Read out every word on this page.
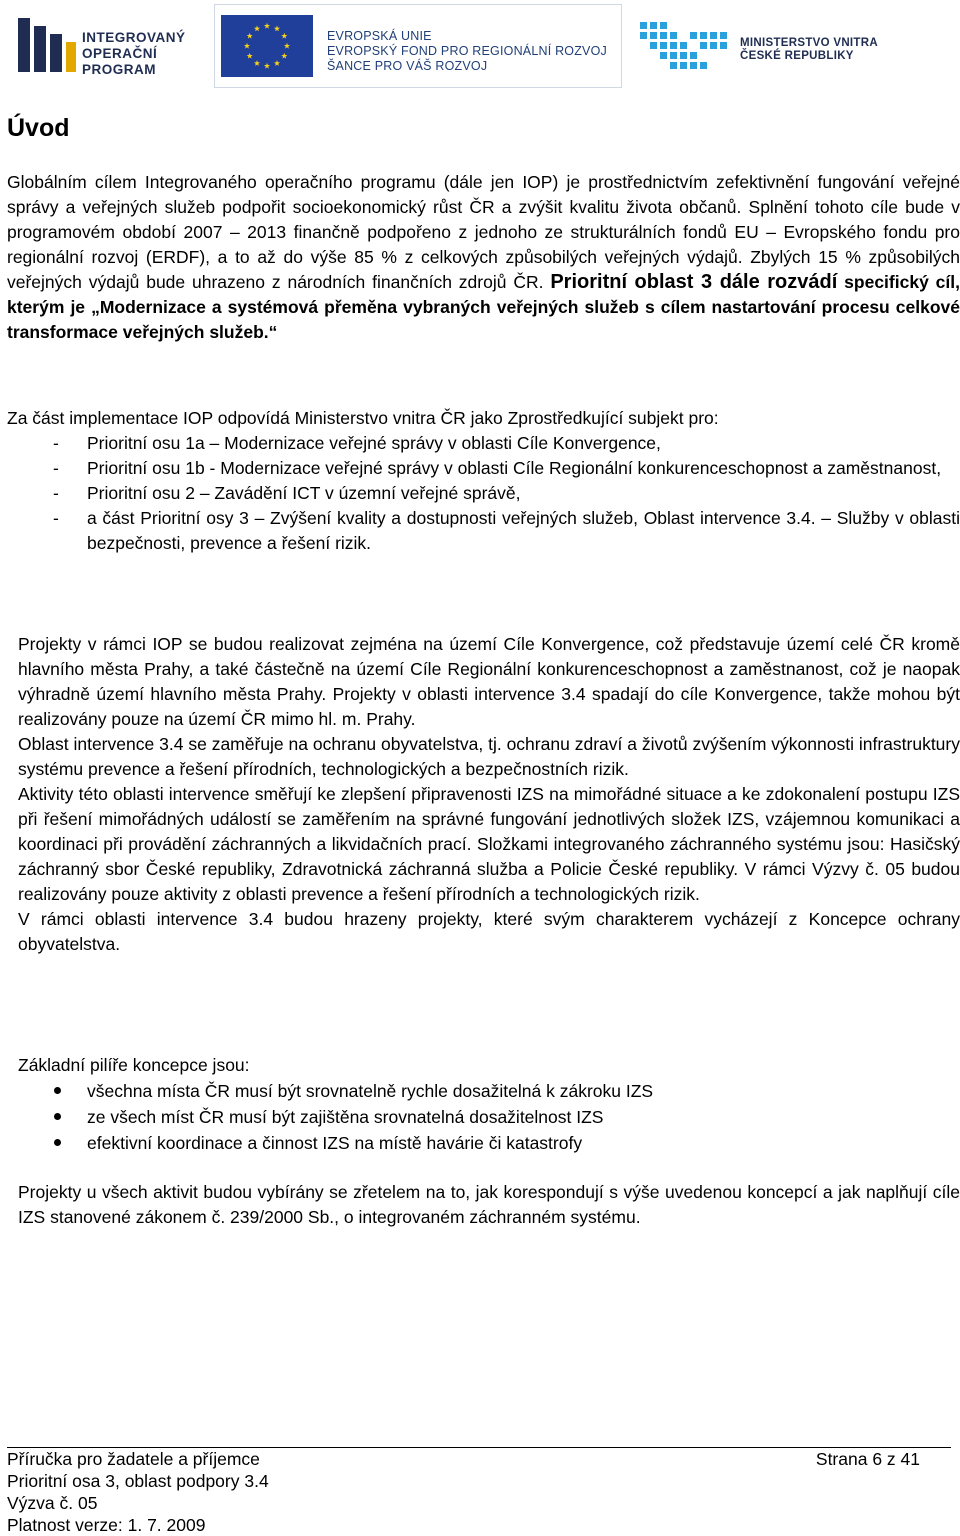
INTEGROVANÝ
OPERAČNÍ
PROGRAM
EVROPSKÁ UNIE
EVROPSKÝ FOND PRO REGIONÁLNÍ ROZVOJ
ŠANCE PRO VÁŠ ROZVOJ
MINISTERSTVO VNITRA
ČESKÉ REPUBLIKY
Úvod

Globálním cílem Integrovaného operačního programu (dále jen IOP) je prostřednictvím zefektivnění fungování veřejné správy a veřejných služeb podpořit socioekonomický růst ČR a zvýšit kvalitu života občanů. Splnění tohoto cíle bude v programovém období 2007 – 2013 finančně podpořeno z jednoho ze strukturálních fondů EU – Evropského fondu pro regionální rozvoj (ERDF), a to až do výše 85 % z celkových způsobilých veřejných výdajů. Zbylých 15 % způsobilých veřejných výdajů bude uhrazeno z národních finančních zdrojů ČR. Prioritní oblast 3 dále rozvádí specifický cíl, kterým je „Modernizace a systémová přeměna vybraných veřejných služeb s cílem nastartování procesu celkové transformace veřejných služeb.“

Za část implementace IOP odpovídá Ministerstvo vnitra ČR jako Zprostředkující subjekt pro:

- Prioritní osu 1a – Modernizace veřejné správy v oblasti Cíle Konvergence,
- Prioritní osu 1b - Modernizace veřejné správy v oblasti Cíle Regionální konkurenceschopnost a zaměstnanost,
- Prioritní osu 2 – Zavádění ICT v územní veřejné správě,
- a část Prioritní osy 3 – Zvýšení kvality a dostupnosti veřejných služeb, Oblast intervence 3.4. – Služby v oblasti bezpečnosti, prevence a řešení rizik.
Projekty v rámci IOP se budou realizovat zejména na území Cíle Konvergence, což představuje území celé ČR kromě hlavního města Prahy, a také částečně na území Cíle Regionální konkurenceschopnost a zaměstnanost, což je naopak výhradně území hlavního města Prahy. Projekty v oblasti intervence 3.4 spadají do cíle Konvergence, takže mohou být realizovány pouze na území ČR mimo hl. m. Prahy.
Oblast intervence 3.4 se zaměřuje na ochranu obyvatelstva, tj. ochranu zdraví a životů zvýšením výkonnosti infrastruktury systému prevence a řešení přírodních, technologických a bezpečnostních rizik.
Aktivity této oblasti intervence směřují ke zlepšení připravenosti IZS na mimořádné situace a ke zdokonalení postupu IZS při řešení mimořádných událostí se zaměřením na správné fungování jednotlivých složek IZS, vzájemnou komunikaci a koordinaci při provádění záchranných a likvidačních prací. Složkami integrovaného záchranného systému jsou: Hasičský záchranný sbor České republiky, Zdravotnická záchranná služba a Policie České republiky. V rámci Výzvy č. 05 budou realizovány pouze aktivity z oblasti prevence a řešení přírodních a technologických rizik.
V rámci oblasti intervence 3.4 budou hrazeny projekty, které svým charakterem vycházejí z Koncepce ochrany obyvatelstva.

Základní pilíře koncepce jsou:

všechna místa ČR musí být srovnatelně rychle dosažitelná k zákroku IZS
ze všech míst ČR musí být zajištěna srovnatelná dosažitelnost IZS
efektivní koordinace a činnost IZS na místě havárie či katastrofy

Projekty u všech aktivit budou vybírány se zřetelem na to, jak korespondují s výše uvedenou koncepcí a jak naplňují cíle IZS stanovené zákonem č. 239/2000 Sb., o integrovaném záchranném systému.

Příručka pro žadatele a příjemce
Prioritní osa 3, oblast podpory 3.4
Výzva č. 05
Platnost verze: 1. 7. 2009
Strana 6 z 41
